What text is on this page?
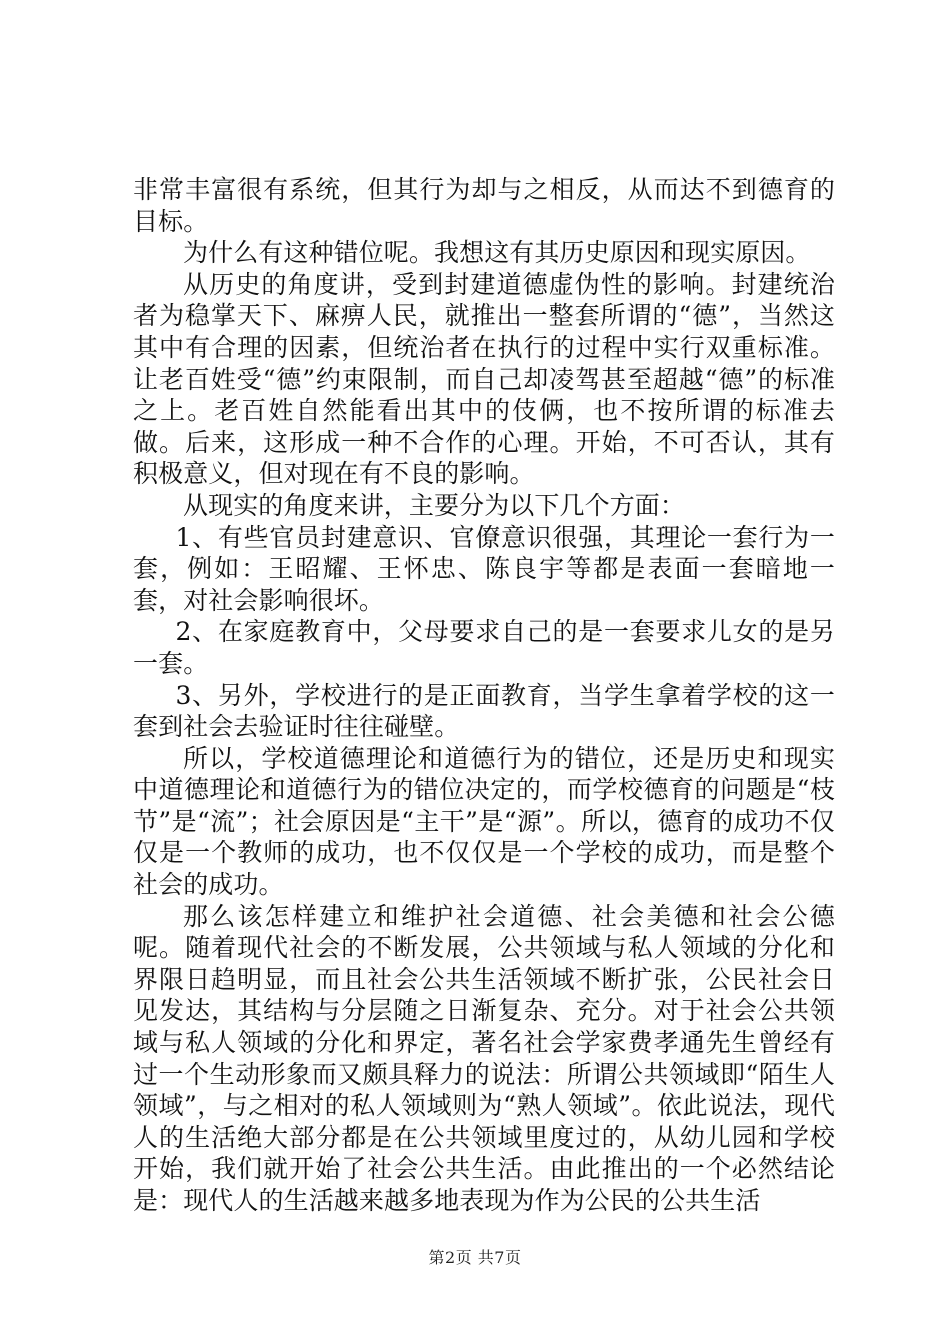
非常丰富很有系统，但其行为却与之相反，从而达不到德育的目标。

为什么有这种错位呢。我想这有其历史原因和现实原因。

从历史的角度讲，受到封建道德虚伪性的影响。封建统治者为稳掌天下、麻痹人民，就推出一整套所谓的“德”，当然这其中有合理的因素，但统治者在执行的过程中实行双重标准。让老百姓受“德”约束限制，而自己却凌驾甚至超越“德”的标准之上。老百姓自然能看出其中的伎俩，也不按所谓的标准去做。后来，这形成一种不合作的心理。开始，不可否认，其有积极意义，但对现在有不良的影响。

从现实的角度来讲，主要分为以下几个方面：

1、有些官员封建意识、官僚意识很强，其理论一套行为一套，例如：王昭耀、王怀忠、陈良宇等都是表面一套暗地一套，对社会影响很坏。

2、在家庭教育中，父母要求自己的是一套要求儿女的是另一套。

3、另外，学校进行的是正面教育，当学生拿着学校的这一套到社会去验证时往往碰壁。

所以，学校道德理论和道德行为的错位，还是历史和现实中道德理论和道德行为的错位决定的，而学校德育的问题是“枝节”是“流”；社会原因是“主干”是“源”。所以，德育的成功不仅仅是一个教师的成功，也不仅仅是一个学校的成功，而是整个社会的成功。

那么该怎样建立和维护社会道德、社会美德和社会公德呢。随着现代社会的不断发展，公共领域与私人领域的分化和界限日趋明显，而且社会公共生活领域不断扩张，公民社会日见发达，其结构与分层随之日渐复杂、充分。对于社会公共领域与私人领域的分化和界定，著名社会学家费孝通先生曾经有过一个生动形象而又颇具释力的说法：所谓公共领域即“陌生人领域”，与之相对的私人领域则为“熟人领域”。依此说法，现代人的生活绝大部分都是在公共领域里度过的，从幼儿园和学校开始，我们就开始了社会公共生活。由此推出的一个必然结论是：现代人的生活越来越多地表现为作为公民的公共生活

第2页 共7页
